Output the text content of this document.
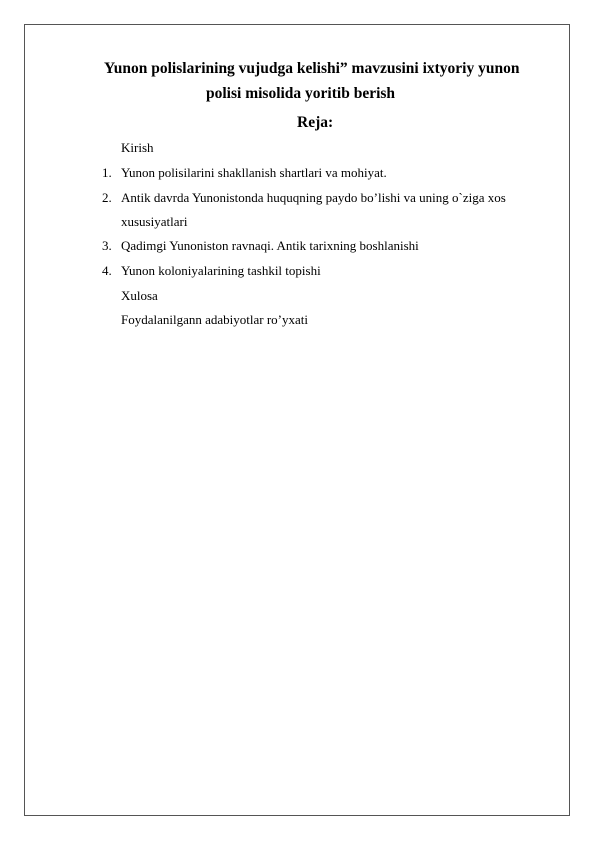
Yunon polislarining vujudga kelishi” mavzusini ixtyoriy yunon
polisi misolida yoritib berish
Reja:
Kirish
1. Yunon polisilarini shakllanish shartlari va mohiyat.
2. Antik davrda Yunonistonda huquqning paydo bo’lishi va uning o`ziga xos
xususiyatlari
3. Qadimgi Yunoniston ravnaqi. Antik tarixning boshlanishi
4. Yunon koloniyalarining tashkil topishi
Xulosa
Foydalanilgann adabiyotlar ro’yxati
